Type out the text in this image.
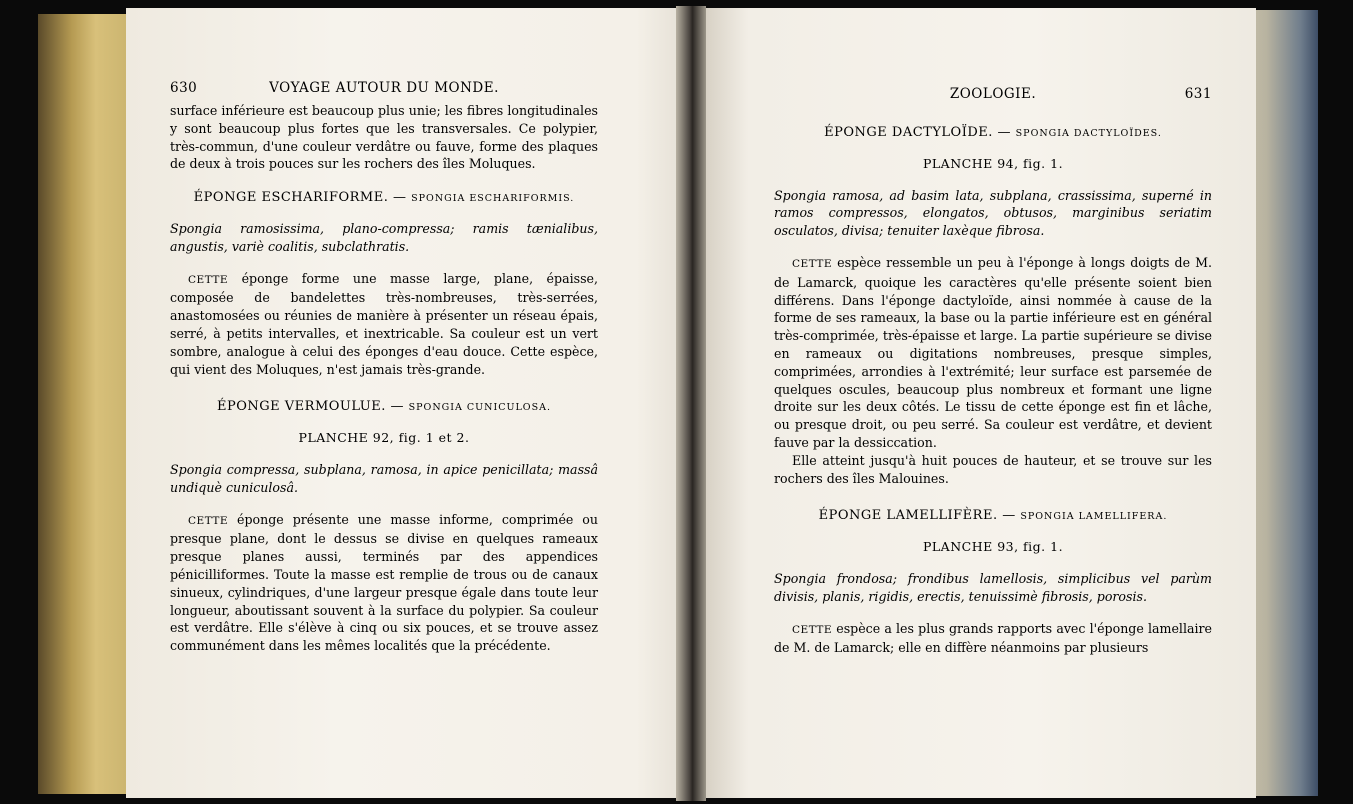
630	VOYAGE AUTOUR DU MONDE.

surface inférieure est beaucoup plus unie; les fibres longitudinales y sont beaucoup plus fortes que les transversales. Ce polypier, très-commun, d'une couleur verdâtre ou fauve, forme des plaques de deux à trois pouces sur les rochers des îles Moluques.

ÉPONGE ESCHARIFORME. — SPONGIA ESCHARIFORMIS.

Spongia ramosissima, plano-compressa; ramis tænialibus, angustis, variè coalitis, subclathratis.

CETTE éponge forme une masse large, plane, épaisse, composée de bandelettes très-nombreuses, très-serrées, anastomosées ou réunies de manière à présenter un réseau épais, serré, à petits intervalles, et inextricable. Sa couleur est un vert sombre, analogue à celui des éponges d'eau douce. Cette espèce, qui vient des Moluques, n'est jamais très-grande.

ÉPONGE VERMOULUE. — SPONGIA CUNICULOSA.
PLANCHE 92, fig. 1 et 2.

Spongia compressa, subplana, ramosa, in apice penicillata; massâ undiquè cuniculosâ.

CETTE éponge présente une masse informe, comprimée ou presque plane, dont le dessus se divise en quelques rameaux presque planes aussi, terminés par des appendices pénicilliformes. Toute la masse est remplie de trous ou de canaux sinueux, cylindriques, d'une largeur presque égale dans toute leur longueur, aboutissant souvent à la surface du polypier. Sa couleur est verdâtre. Elle s'élève à cinq ou six pouces, et se trouve assez communément dans les mêmes localités que la précédente.

ZOOLOGIE.	631
ÉPONGE DACTYLOÏDE. — SPONGIA DACTYLOÏDES.
PLANCHE 94, fig. 1.

Spongia ramosa, ad basim lata, subplana, crassissima, superné in ramos compressos, elongatos, obtusos, marginibus seriatim osculatos, divisa; tenuiter laxèque fibrosa.

CETTE espèce ressemble un peu à l'éponge à longs doigts de M. de Lamarck, quoique les caractères qu'elle présente soient bien différens. Dans l'éponge dactyloïde, ainsi nommée à cause de la forme de ses rameaux, la base ou la partie inférieure est en général très-comprimée, très-épaisse et large. La partie supérieure se divise en rameaux ou digitations nombreuses, presque simples, comprimées, arrondies à l'extrémité; leur surface est parsemée de quelques oscules, beaucoup plus nombreux et formant une ligne droite sur les deux côtés. Le tissu de cette éponge est fin et lâche, ou presque droit, ou peu serré. Sa couleur est verdâtre, et devient fauve par la dessiccation.

Elle atteint jusqu'à huit pouces de hauteur, et se trouve sur les rochers des îles Malouines.

ÉPONGE LAMELLIFÈRE. — SPONGIA LAMELLIFERA.
PLANCHE 93, fig. 1.

Spongia frondosa; frondibus lamellosis, simplicibus vel parùm divisis, planis, rigidis, erectis, tenuissimè fibrosis, porosis.

CETTE espèce a les plus grands rapports avec l'éponge lamellaire de M. de Lamarck; elle en diffère néanmoins par plusieurs
